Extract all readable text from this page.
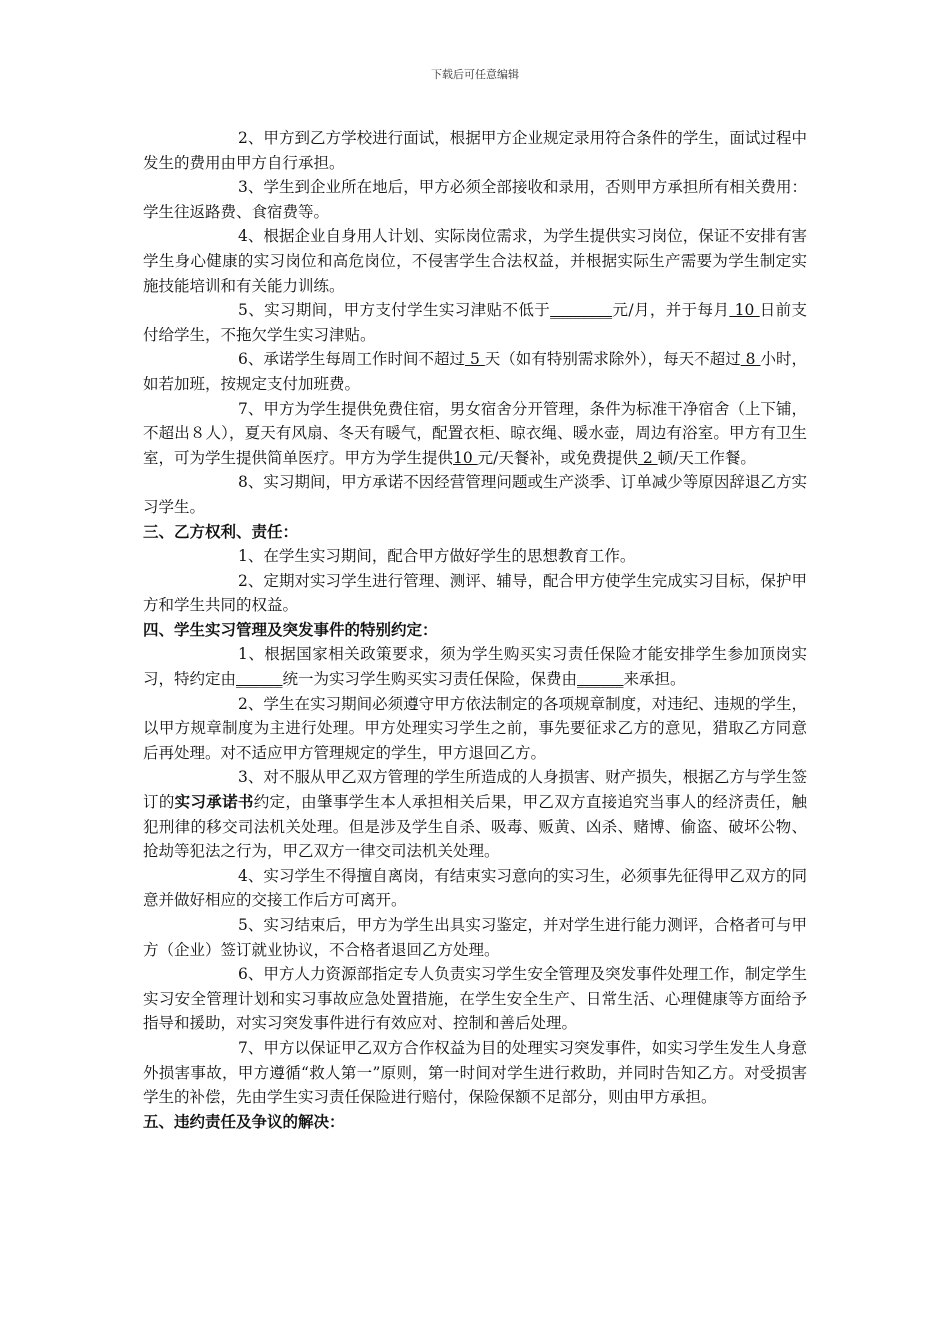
下载后可任意编辑

2、甲方到乙方学校进行面试，根据甲方企业规定录用符合条件的学生，面试过程中发生的费用由甲方自行承担。

3、学生到企业所在地后，甲方必须全部接收和录用，否则甲方承担所有相关费用：学生往返路费、食宿费等。

4、根据企业自身用人计划、实际岗位需求，为学生提供实习岗位，保证不安排有害学生身心健康的实习岗位和高危岗位，不侵害学生合法权益，并根据实际生产需要为学生制定实施技能培训和有关能力训练。

5、实习期间，甲方支付学生实习津贴不低于________元/月，并于每月 10 日前支付给学生，不拖欠学生实习津贴。

6、承诺学生每周工作时间不超过 5 天（如有特别需求除外），每天不超过 8 小时，如若加班，按规定支付加班费。

7、甲方为学生提供免费住宿，男女宿舍分开管理，条件为标准干净宿舍（上下铺，不超出８人），夏天有风扇、冬天有暖气，配置衣柜、晾衣绳、暖水壶，周边有浴室。甲方有卫生室，可为学生提供简单医疗。甲方为学生提供10 元/天餐补，或免费提供 2 顿/天工作餐。

8、实习期间，甲方承诺不因经营管理问题或生产淡季、订单减少等原因辞退乙方实习学生。

三、乙方权利、责任：

1、在学生实习期间，配合甲方做好学生的思想教育工作。

2、定期对实习学生进行管理、测评、辅导，配合甲方使学生完成实习目标，保护甲方和学生共同的权益。

四、学生实习管理及突发事件的特别约定：

1、根据国家相关政策要求，须为学生购买实习责任保险才能安排学生参加顶岗实习，特约定由______统一为实习学生购买实习责任保险，保费由______来承担。

2、学生在实习期间必须遵守甲方依法制定的各项规章制度，对违纪、违规的学生，以甲方规章制度为主进行处理。甲方处理实习学生之前，事先要征求乙方的意见，猎取乙方同意后再处理。对不适应甲方管理规定的学生，甲方退回乙方。

3、对不服从甲乙双方管理的学生所造成的人身损害、财产损失，根据乙方与学生签订的实习承诺书约定，由肇事学生本人承担相关后果，甲乙双方直接追究当事人的经济责任，触犯刑律的移交司法机关处理。但是涉及学生自杀、吸毒、贩黄、凶杀、赌博、偷盗、破坏公物、抢劫等犯法之行为，甲乙双方一律交司法机关处理。

4、实习学生不得擅自离岗，有结束实习意向的实习生，必须事先征得甲乙双方的同意并做好相应的交接工作后方可离开。

5、实习结束后，甲方为学生出具实习鉴定，并对学生进行能力测评，合格者可与甲方（企业）签订就业协议，不合格者退回乙方处理。

6、甲方人力资源部指定专人负责实习学生安全管理及突发事件处理工作，制定学生实习安全管理计划和实习事故应急处置措施，在学生安全生产、日常生活、心理健康等方面给予指导和援助，对实习突发事件进行有效应对、控制和善后处理。

7、甲方以保证甲乙双方合作权益为目的处理实习突发事件，如实习学生发生人身意外损害事故，甲方遵循“救人第一”原则，第一时间对学生进行救助，并同时告知乙方。对受损害学生的补偿，先由学生实习责任保险进行赔付，保险保额不足部分，则由甲方承担。

五、违约责任及争议的解决：
